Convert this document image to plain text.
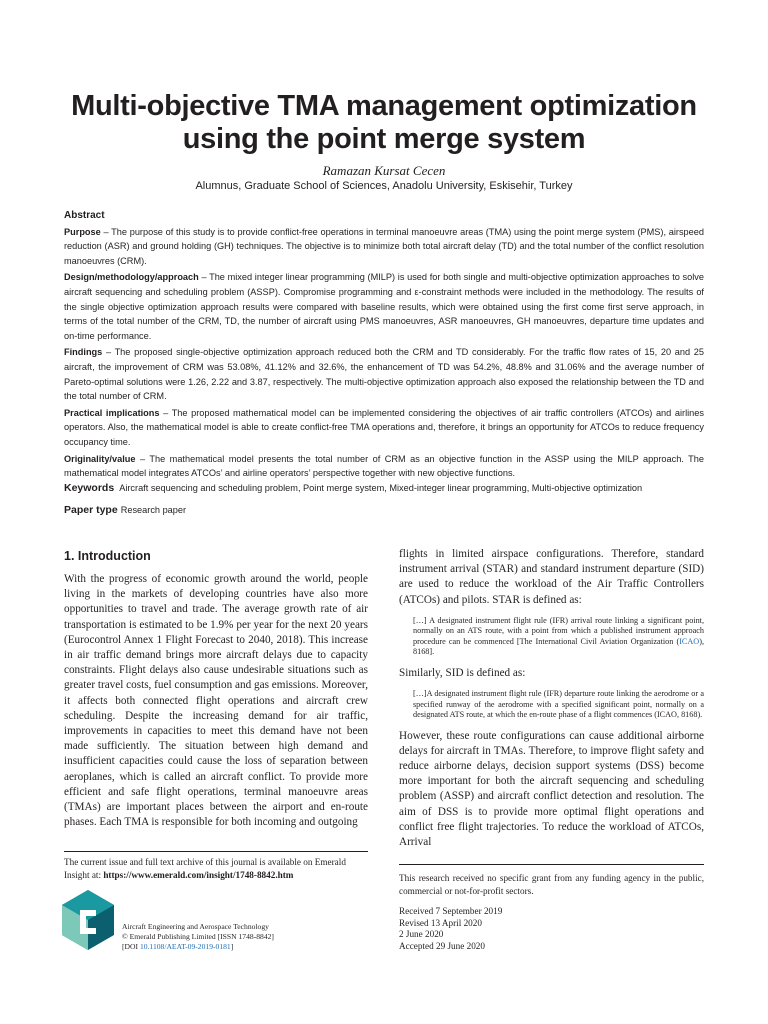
Multi-objective TMA management optimization using the point merge system
Ramazan Kursat Cecen
Alumnus, Graduate School of Sciences, Anadolu University, Eskisehir, Turkey

Abstract

Purpose – The purpose of this study is to provide conflict-free operations in terminal manoeuvre areas (TMA) using the point merge system (PMS), airspeed reduction (ASR) and ground holding (GH) techniques. The objective is to minimize both total aircraft delay (TD) and the total number of the conflict resolution manoeuvres (CRM).

Design/methodology/approach – The mixed integer linear programming (MILP) is used for both single and multi-objective optimization approaches to solve aircraft sequencing and scheduling problem (ASSP). Compromise programming and ε-constraint methods were included in the methodology. The results of the single objective optimization approach results were compared with baseline results, which were obtained using the first come first serve approach, in terms of the total number of the CRM, TD, the number of aircraft using PMS manoeuvres, ASR manoeuvres, GH manoeuvres, departure time updates and on-time performance.

Findings – The proposed single-objective optimization approach reduced both the CRM and TD considerably. For the traffic flow rates of 15, 20 and 25 aircraft, the improvement of CRM was 53.08%, 41.12% and 32.6%, the enhancement of TD was 54.2%, 48.8% and 31.06% and the average number of Pareto-optimal solutions were 1.26, 2.22 and 3.87, respectively. The multi-objective optimization approach also exposed the relationship between the TD and the total number of CRM.

Practical implications – The proposed mathematical model can be implemented considering the objectives of air traffic controllers (ATCOs) and airlines operators. Also, the mathematical model is able to create conflict-free TMA operations and, therefore, it brings an opportunity for ATCOs to reduce frequency occupancy time.

Originality/value – The mathematical model presents the total number of CRM as an objective function in the ASSP using the MILP approach. The mathematical model integrates ATCOs’ and airline operators’ perspective together with new objective functions.

Keywords Aircraft sequencing and scheduling problem, Point merge system, Mixed-integer linear programming, Multi-objective optimization
Paper type Research paper
1. Introduction
With the progress of economic growth around the world, people living in the markets of developing countries have also more opportunities to travel and trade. The average growth rate of air transportation is estimated to be 1.9% per year for the next 20 years (Eurocontrol Annex 1 Flight Forecast to 2040, 2018). This increase in air traffic demand brings more aircraft delays due to capacity constraints. Flight delays also cause undesirable situations such as greater travel costs, fuel consumption and gas emissions. Moreover, it affects both connected flight operations and aircraft crew scheduling. Despite the increasing demand for air traffic, improvements in capacities to meet this demand have not been made sufficiently. The situation between high demand and insufficient capacities could cause the loss of separation between aeroplanes, which is called an aircraft conflict. To provide more efficient and safe flight operations, terminal manoeuvre areas (TMAs) are important places between the airport and en-route phases. Each TMA is responsible for both incoming and outgoing

flights in limited airspace configurations. Therefore, standard instrument arrival (STAR) and standard instrument departure (SID) are used to reduce the workload of the Air Traffic Controllers (ATCOs) and pilots. STAR is defined as:

[…] A designated instrument flight rule (IFR) arrival route linking a significant point, normally on an ATS route, with a point from which a published instrument approach procedure can be commenced [The International Civil Aviation Organization (ICAO), 8168].

Similarly, SID is defined as:

[…]A designated instrument flight rule (IFR) departure route linking the aerodrome or a specified runway of the aerodrome with a specified significant point, normally on a designated ATS route, at which the en-route phase of a flight commences (ICAO, 8168).

However, these route configurations can cause additional airborne delays for aircraft in TMAs. Therefore, to improve flight safety and reduce airborne delays, decision support systems (DSS) become more important for both the aircraft sequencing and scheduling problem (ASSP) and aircraft conflict detection and resolution. The aim of DSS is to provide more optimal flight operations and conflict free flight trajectories. To reduce the workload of ATCOs, Arrival

The current issue and full text archive of this journal is available on Emerald Insight at: https://www.emerald.com/insight/1748-8842.htm	This research received no specific grant from any funding agency in the public, commercial or not-for-profit sectors.
Received 7 September 2019
Revised 13 April 2020
2 June 2020
Accepted 29 June 2020
Aircraft Engineering and Aerospace Technology
© Emerald Publishing Limited [ISSN 1748-8842]
[DOI 10.1108/AEAT-09-2019-0181]
